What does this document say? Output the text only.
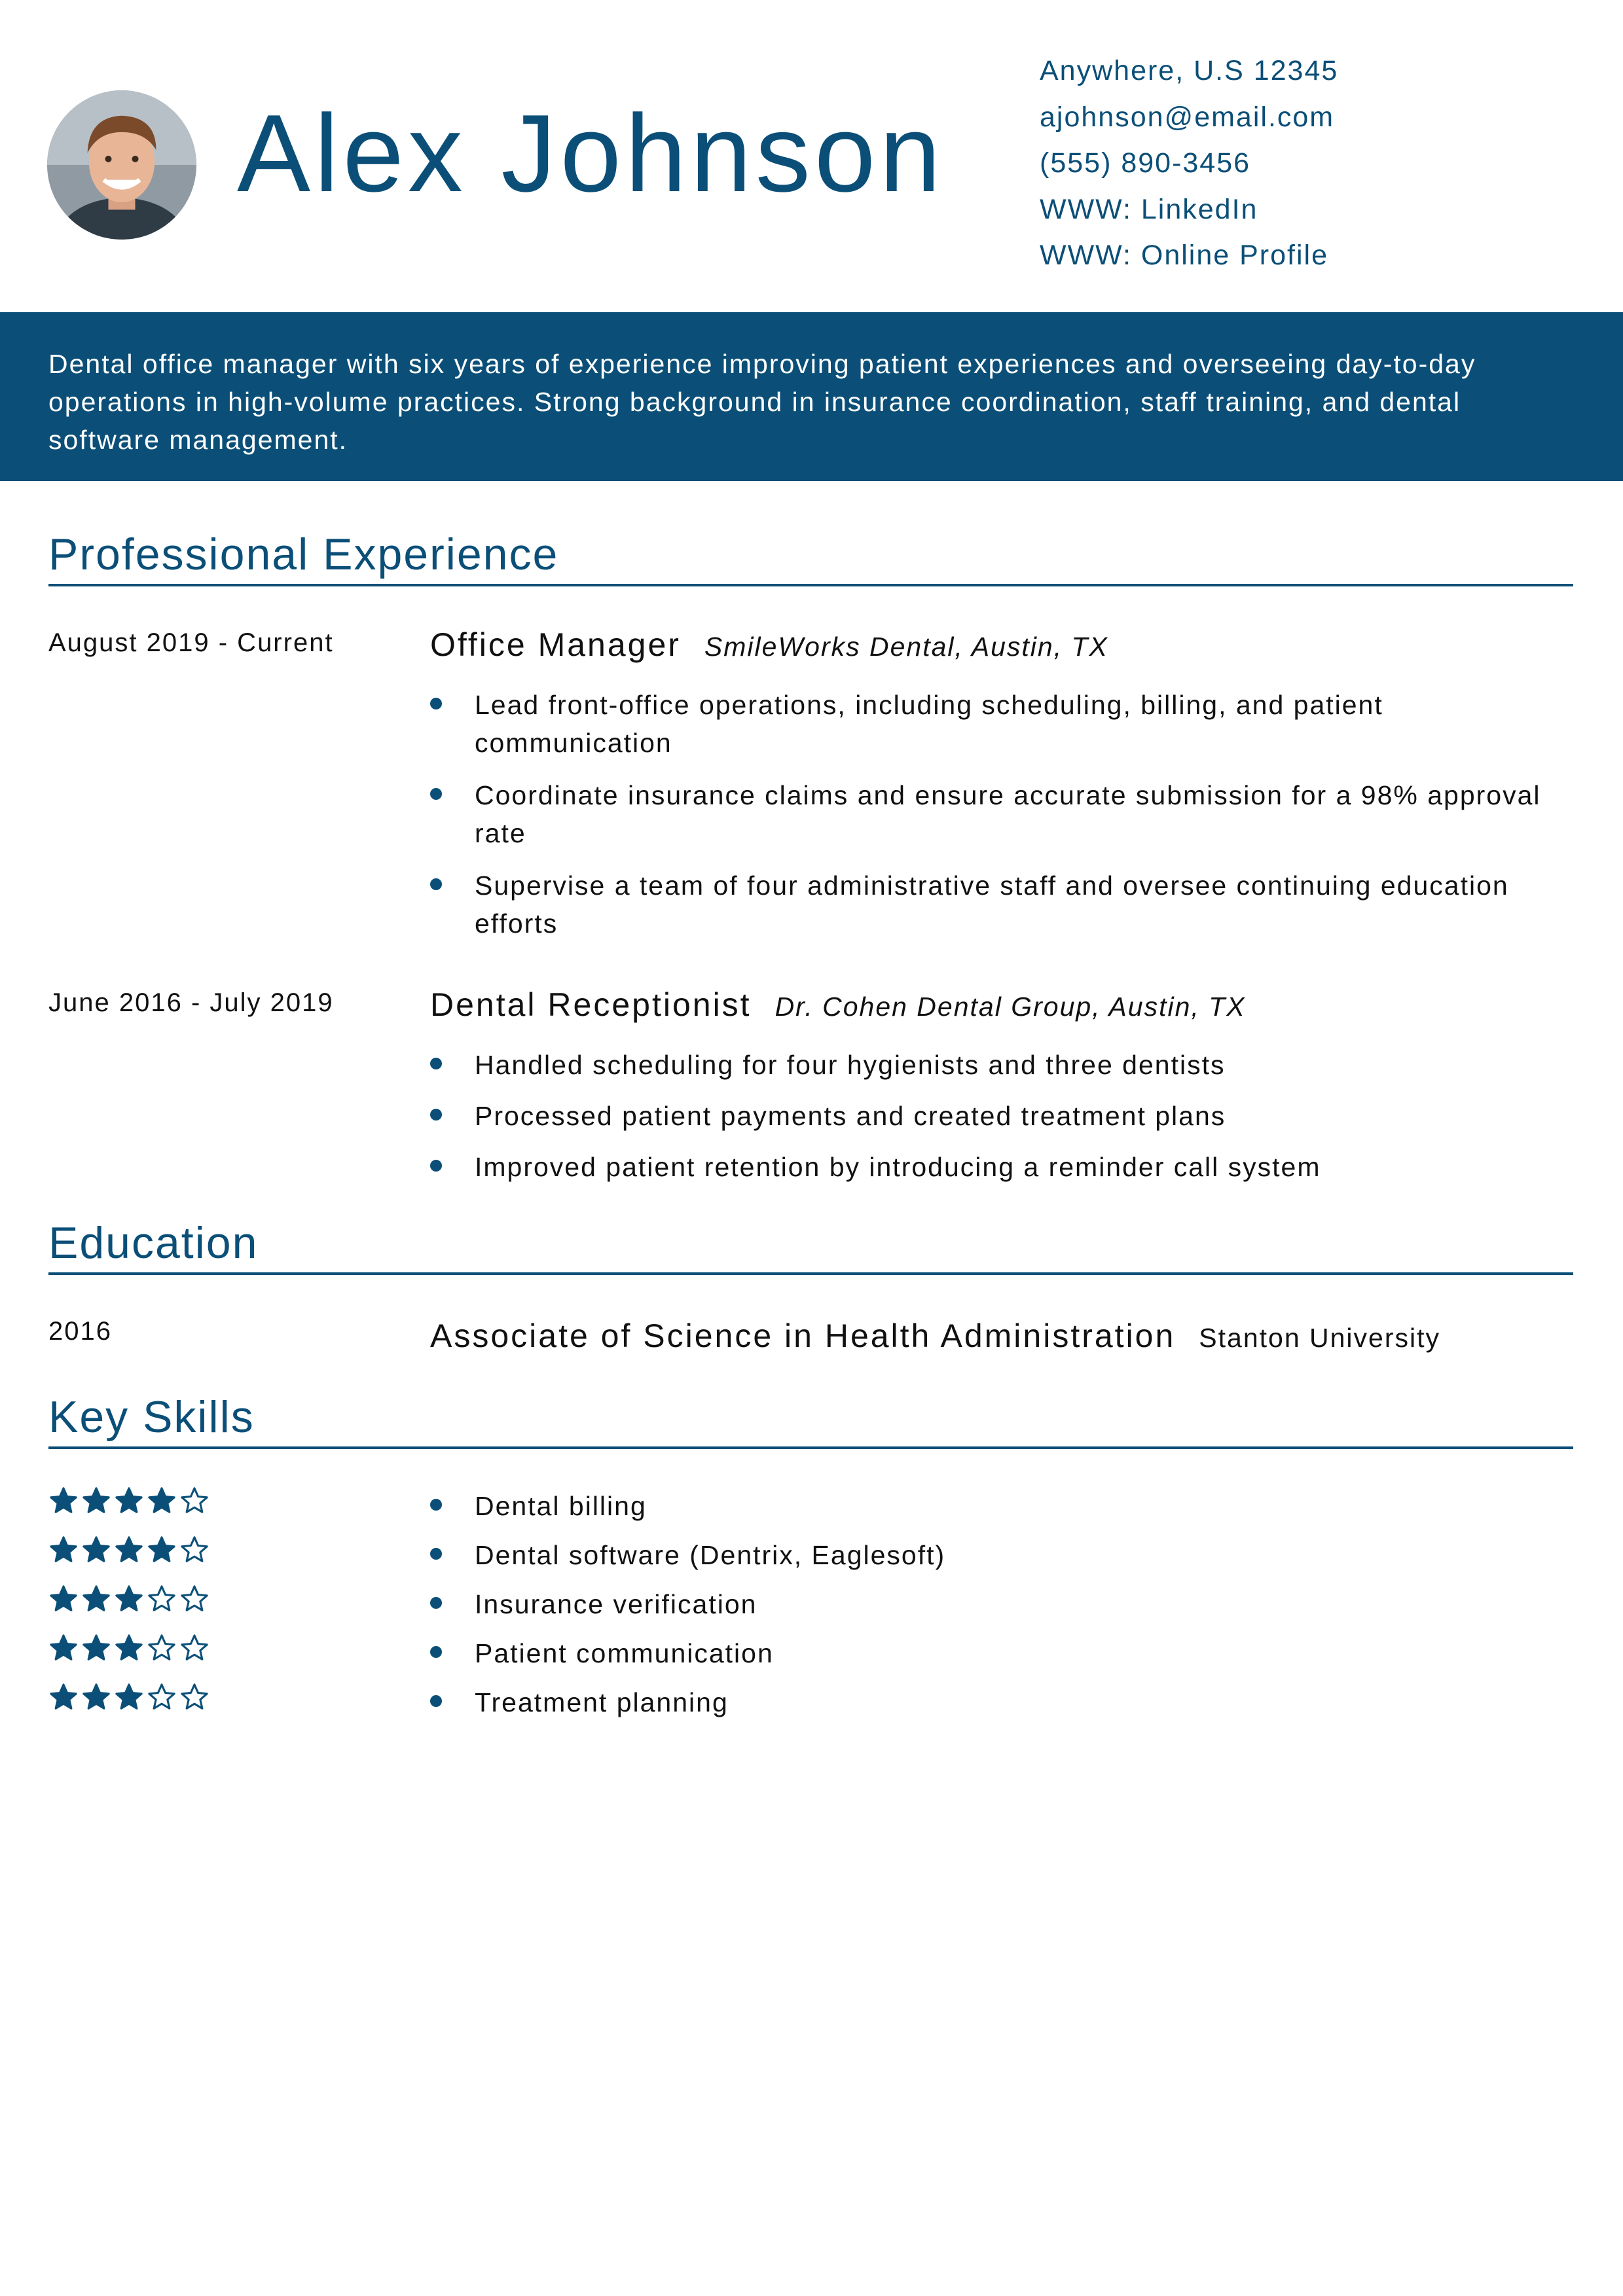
Alex Johnson
Anywhere, U.S 12345
ajohnson@email.com
(555) 890-3456
WWW: LinkedIn
WWW: Online Profile
Dental office manager with six years of experience improving patient experiences and overseeing day-to-day operations in high-volume practices. Strong background in insurance coordination, staff training, and dental software management.
Professional Experience
August 2019 - Current	Office Manager SmileWorks Dental, Austin, TX
Lead front-office operations, including scheduling, billing, and patient communication
Coordinate insurance claims and ensure accurate submission for a 98% approval rate
Supervise a team of four administrative staff and oversee continuing education efforts
June 2016 - July 2019	Dental Receptionist Dr. Cohen Dental Group, Austin, TX
Handled scheduling for four hygienists and three dentists
Processed patient payments and created treatment plans
Improved patient retention by introducing a reminder call system
Education
2016	Associate of Science in Health Administration Stanton University
Key Skills
Dental billing
Dental software (Dentrix, Eaglesoft)
Insurance verification
Patient communication
Treatment planning
